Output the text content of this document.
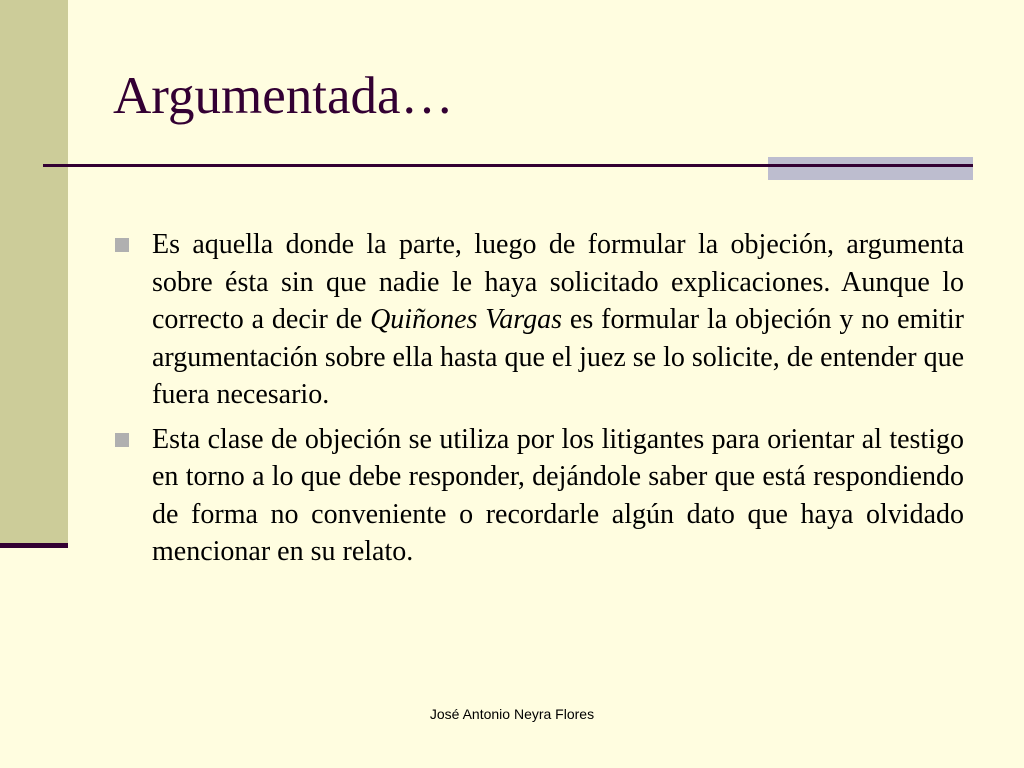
Argumentada…
Es aquella donde la parte, luego de formular la objeción, argumenta sobre ésta sin que nadie le haya solicitado explicaciones. Aunque lo correcto a decir de Quiñones Vargas es formular la objeción y no emitir argumentación sobre ella hasta que el juez se lo solicite, de entender que fuera necesario.
Esta clase de objeción se utiliza por los litigantes para orientar al testigo en torno a lo que debe responder, dejándole saber que está respondiendo de forma no conveniente o recordarle algún dato que haya olvidado mencionar en su relato.
José Antonio Neyra Flores
